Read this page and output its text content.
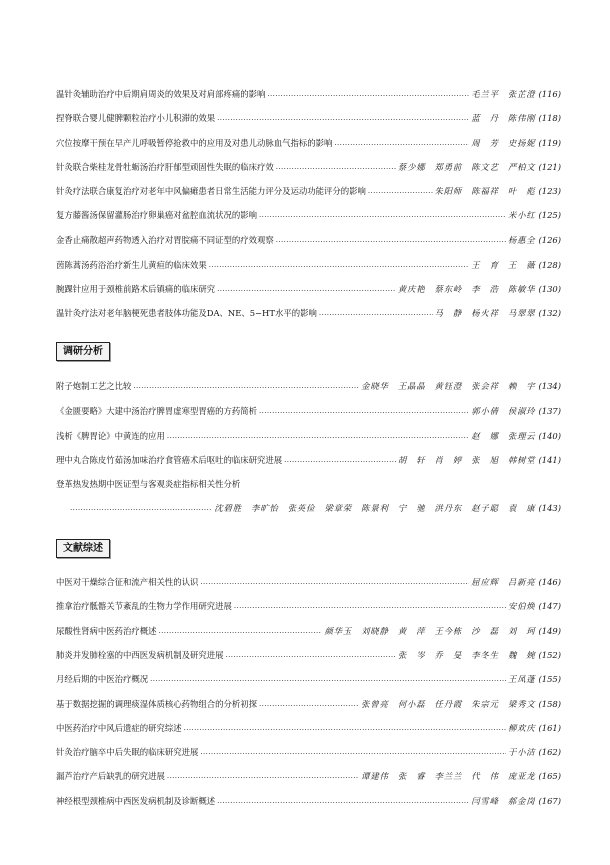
温针灸辅助治疗中后期肩周炎的效果及对肩部疼痛的影响 .....	毛兰平　张芷澄 (116)
捏脊联合婴儿健脾颗粒治疗小儿积滞的效果 .....	蓝　丹　陈伟刚 (118)
穴位按摩干预在早产儿呼吸暂停抢救中的应用及对患儿动脉血气指标的影响 .....	周　芳　史扬妮 (119)
针灸联合柴桂龙骨牡蛎汤治疗肝郁型顽固性失眠的临床疗效 .....	蔡少娜　郑勇前　陈文艺　严柏文 (121)
针灸疗法联合康复治疗对老年中风偏瘫患者日常生活能力评分及运动功能评分的影响 .....	朱阳师　陈福祥　叶　彪 (123)
复方藤酱汤保留灌肠治疗卵巢癌对盆腔血流状况的影响 .....	米小红 (125)
金香止痛散超声药物透入治疗对胃脘痛不同证型的疗效观察 .....	杨惠全 (126)
茵陈蒿汤药浴治疗新生儿黄疸的临床效果 .....	王　育　王　薇 (128)
腕踝针应用于颈椎前路术后镇痛的临床研究 .....	黄庆艳　蔡东岭　李　浩　陈敏华 (130)
温针灸疗法对老年脑梗死患者肢体功能及DA、NE、5−HT水平的影响 .....	马　静　杨火祥　马翠翠 (132)
调研分析
附子炮制工艺之比较 .....	金晓华　王晶晶　黄钰澄　张会祥　赖　宇 (134)
《金匮要略》大建中汤治疗脾胃虚寒型胃癌的方药简析 .....	郭小倩　侯淑玲 (137)
浅析《脾胃论》中黄连的应用 .....	赵　娜　张理云 (140)
理中丸合陈皮竹茹汤加味治疗食管癌术后呕吐的临床研究进展 .....	胡　轩　肖　婷　张　旭　韩树堂 (141)
登革热发热期中医证型与客观炎症指标相关性分析
.....
沈碧胜　李旷怡　张英俭　梁章荣　陈景利　宁　驰　洪丹东　赵子聪　袁　康 (143)
文献综述
中医对干燥综合征和流产相关性的认识 .....	屈应辉　吕新亮 (146)
推拿治疗骶髂关节紊乱的生物力学作用研究进展 .....	安伯焕 (147)
尿酸性肾病中医药治疗概述 .....	颜华玉　刘晓静　黄　萍　王今栋　沙　磊　刘　珂 (149)
肺炎并发肺栓塞的中西医发病机制及研究进展 .....	张　岑　乔　旻　李冬生　魏　婉 (152)
月经后期的中医治疗概况 .....	王凤蓬 (155)
基于数据挖掘的调理痰湿体质核心药物组合的分析初探 .....	张曾亮　何小磊　任丹霞　朱宗元　梁秀文 (158)
中医药治疗中风后遗症的研究综述 .....	柳欢庆 (161)
针灸治疗脑卒中后失眠的临床研究进展 .....	于小洁 (162)
漏芦治疗产后缺乳的研究进展 .....	谭建伟　张　睿　李兰兰　代　伟　庞亚龙 (165)
神经根型颈椎病中西医发病机制及诊断概述 .....	闫雪峰　郝金岗 (167)
